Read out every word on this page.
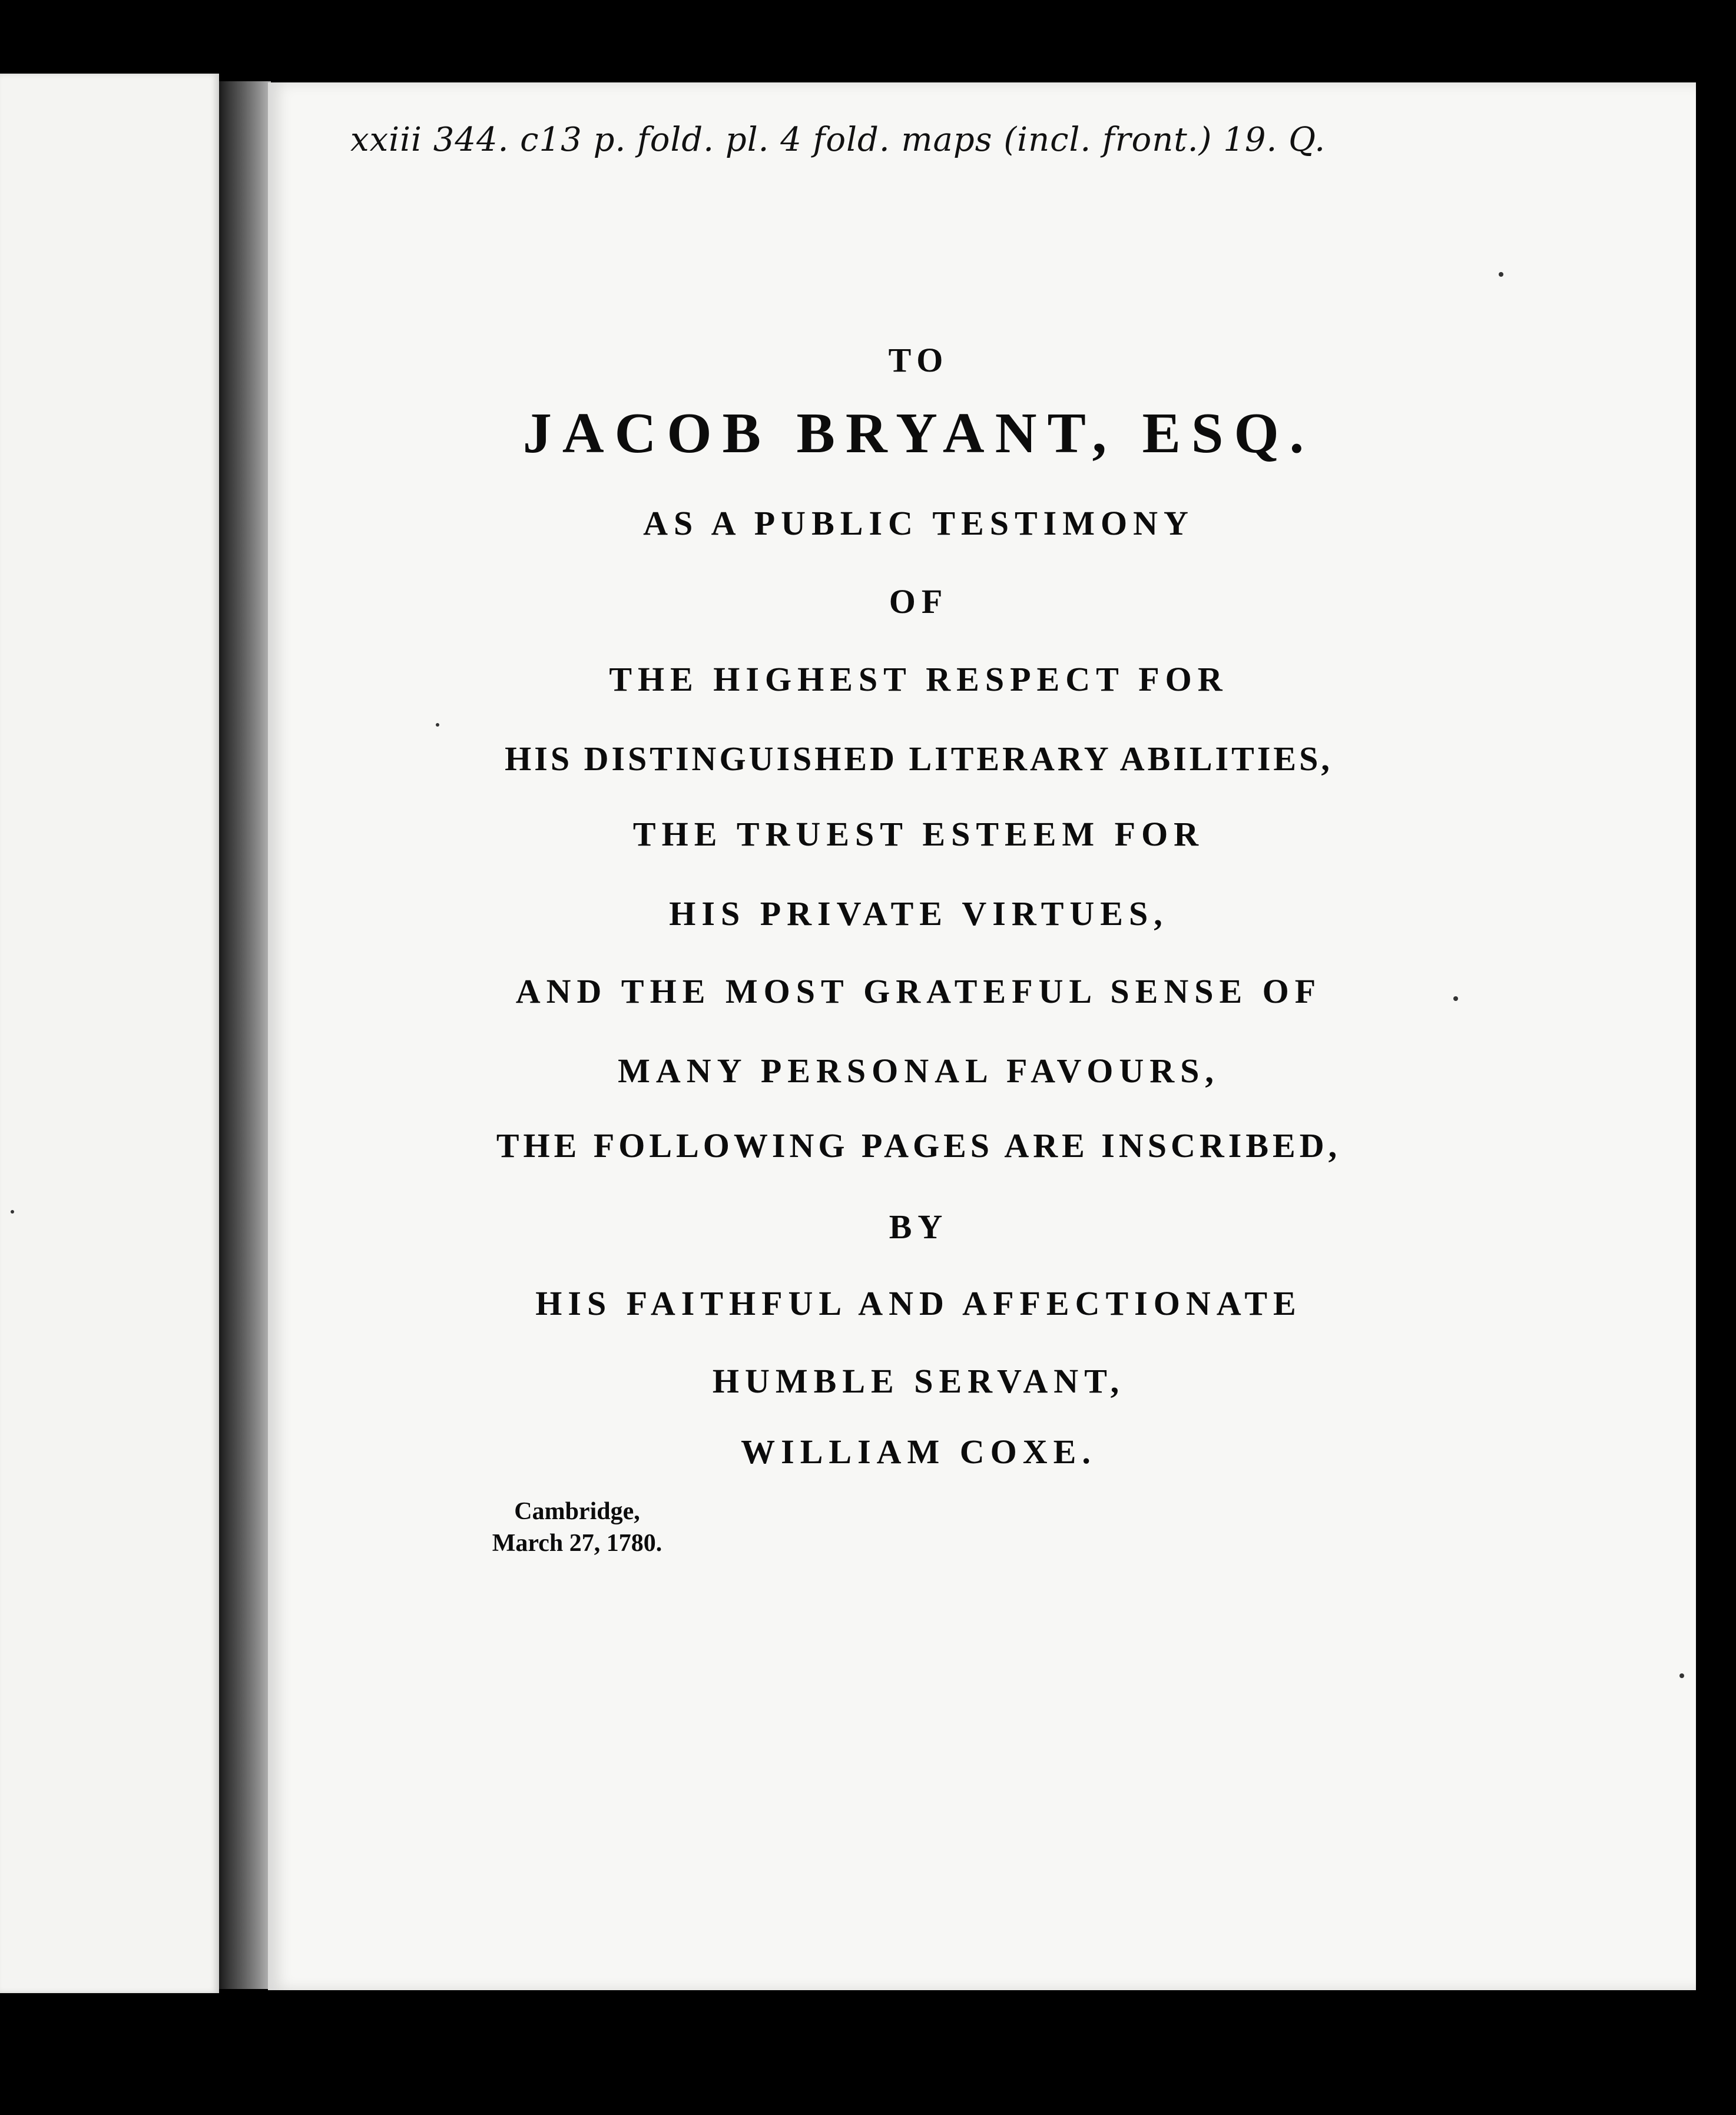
xxiii 344. c13 p. fold. pl. 4 fold. maps (incl. front.) 19. Q.
TO
JACOB BRYANT, ESQ.
AS A PUBLIC TESTIMONY
OF
THE HIGHEST RESPECT FOR
HIS DISTINGUISHED LITERARY ABILITIES,
THE TRUEST ESTEEM FOR
HIS PRIVATE VIRTUES,
AND THE MOST GRATEFUL SENSE OF
MANY PERSONAL FAVOURS,
THE FOLLOWING PAGES ARE INSCRIBED,
BY
HIS FAITHFUL AND AFFECTIONATE
HUMBLE SERVANT,
WILLIAM COXE.
Cambridge,
March 27, 1780.
